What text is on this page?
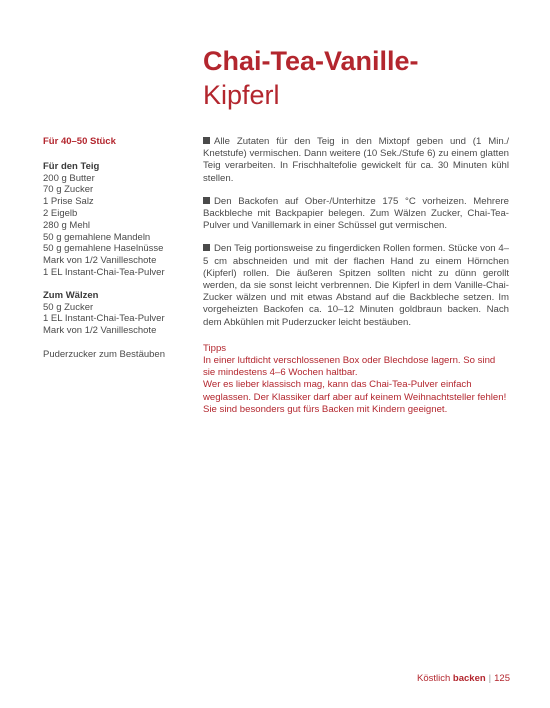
Chai-Tea-Vanille-
Kipferl

Für 40–50 Stück

Für den Teig

200 g Butter
70 g Zucker
1 Prise Salz
2 Eigelb
280 g Mehl
50 g gemahlene Mandeln
50 g gemahlene Haselnüsse
Mark von 1/2 Vanilleschote
1 EL Instant-Chai-Tea-Pulver

Zum Wälzen

50 g Zucker
1 EL Instant-Chai-Tea-Pulver
Mark von 1/2 Vanilleschote

Puderzucker zum Bestäuben

Alle Zutaten für den Teig in den Mixtopf geben und (1 Min./ Knetstufe) vermischen. Dann weitere (10 Sek./Stufe 6) zu einem glatten Teig verarbeiten. In Frischhaltefolie gewickelt für ca. 30 Minuten kühl stellen.

Den Backofen auf Ober-/Unterhitze 175 °C vorheizen. Mehrere Backbleche mit Backpapier belegen. Zum Wälzen Zucker, Chai-Tea-Pulver und Vanillemark in einer Schüssel gut vermischen.

Den Teig portionsweise zu fingerdicken Rollen formen. Stücke von 4–5 cm abschneiden und mit der flachen Hand zu einem Hörnchen (Kipferl) rollen. Die äußeren Spitzen sollten nicht zu dünn gerollt werden, da sie sonst leicht verbrennen. Die Kipferl in dem Vanille-Chai-Zucker wälzen und mit etwas Abstand auf die Backbleche setzen. Im vorgeheizten Backofen ca. 10–12 Minuten goldbraun backen. Nach dem Abkühlen mit Puderzucker leicht bestäuben.

Tipps

In einer luftdicht verschlossenen Box oder Blechdose lagern. So sind sie mindestens 4–6 Wochen haltbar.

Wer es lieber klassisch mag, kann das Chai-Tea-Pulver einfach weglassen. Der Klassiker darf aber auf keinem Weihnachtsteller fehlen! Sie sind besonders gut fürs Backen mit Kindern geeignet.

Köstlich backen | 125
